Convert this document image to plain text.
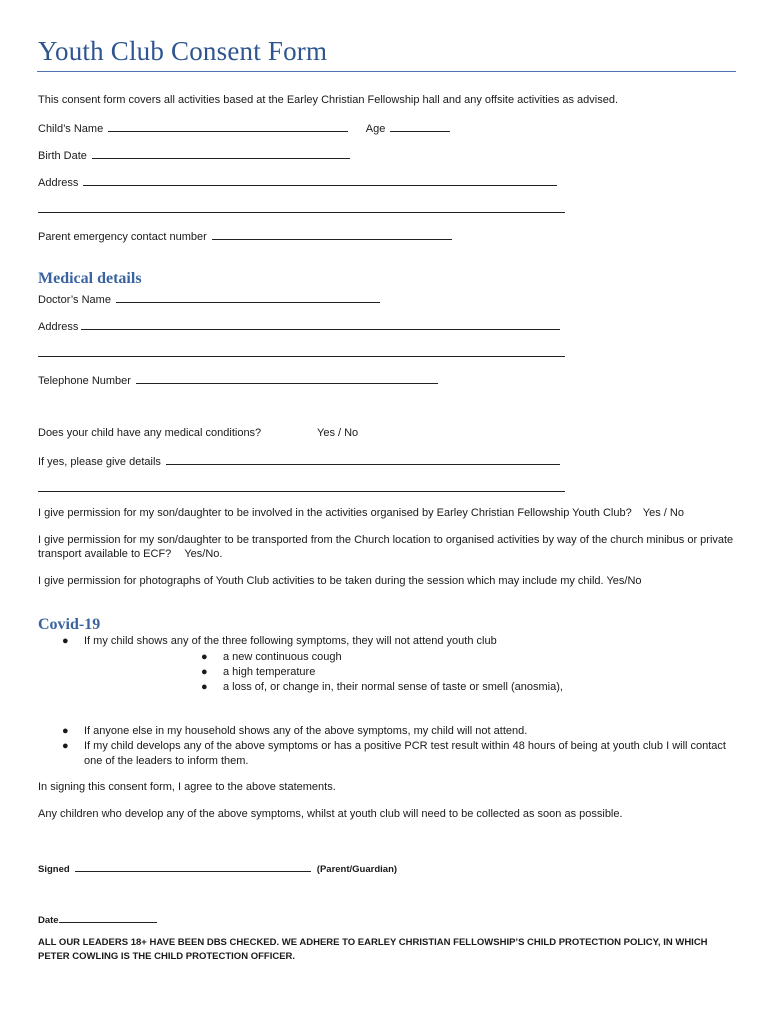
Youth Club Consent Form
This consent form covers all activities based at the Earley Christian Fellowship hall and any offsite activities as advised.
Child’s Name	Age
Birth Date
Address
Parent emergency contact number
Medical details
Doctor’s Name
Address
Telephone Number
Does your child have any medical conditions?	Yes / No
If yes, please give details
I give permission for my son/daughter to be involved in the activities organised by Earley Christian Fellowship Youth Club? Yes / No
I give permission for my son/daughter to be transported from the Church location to organised activities by way of the church minibus or private transport available to ECF? Yes/No.
I give permission for photographs of Youth Club activities to be taken during the session which may include my child. Yes/No
Covid-19
● If my child shows any of the three following symptoms, they will not attend youth club
● a new continuous cough
● a high temperature
● a loss of, or change in, their normal sense of taste or smell (anosmia),
● If anyone else in my household shows any of the above symptoms, my child will not attend.
● If my child develops any of the above symptoms or has a positive PCR test result within 48 hours of being at youth club I will contact one of the leaders to inform them.
In signing this consent form, I agree to the above statements.
Any children who develop any of the above symptoms, whilst at youth club will need to be collected as soon as possible.
Signed	(Parent/Guardian)
Date
ALL OUR LEADERS 18+ HAVE BEEN DBS CHECKED. WE ADHERE TO EARLEY CHRISTIAN FELLOWSHIP’S CHILD PROTECTION POLICY, IN WHICH PETER COWLING IS THE CHILD PROTECTION OFFICER.
